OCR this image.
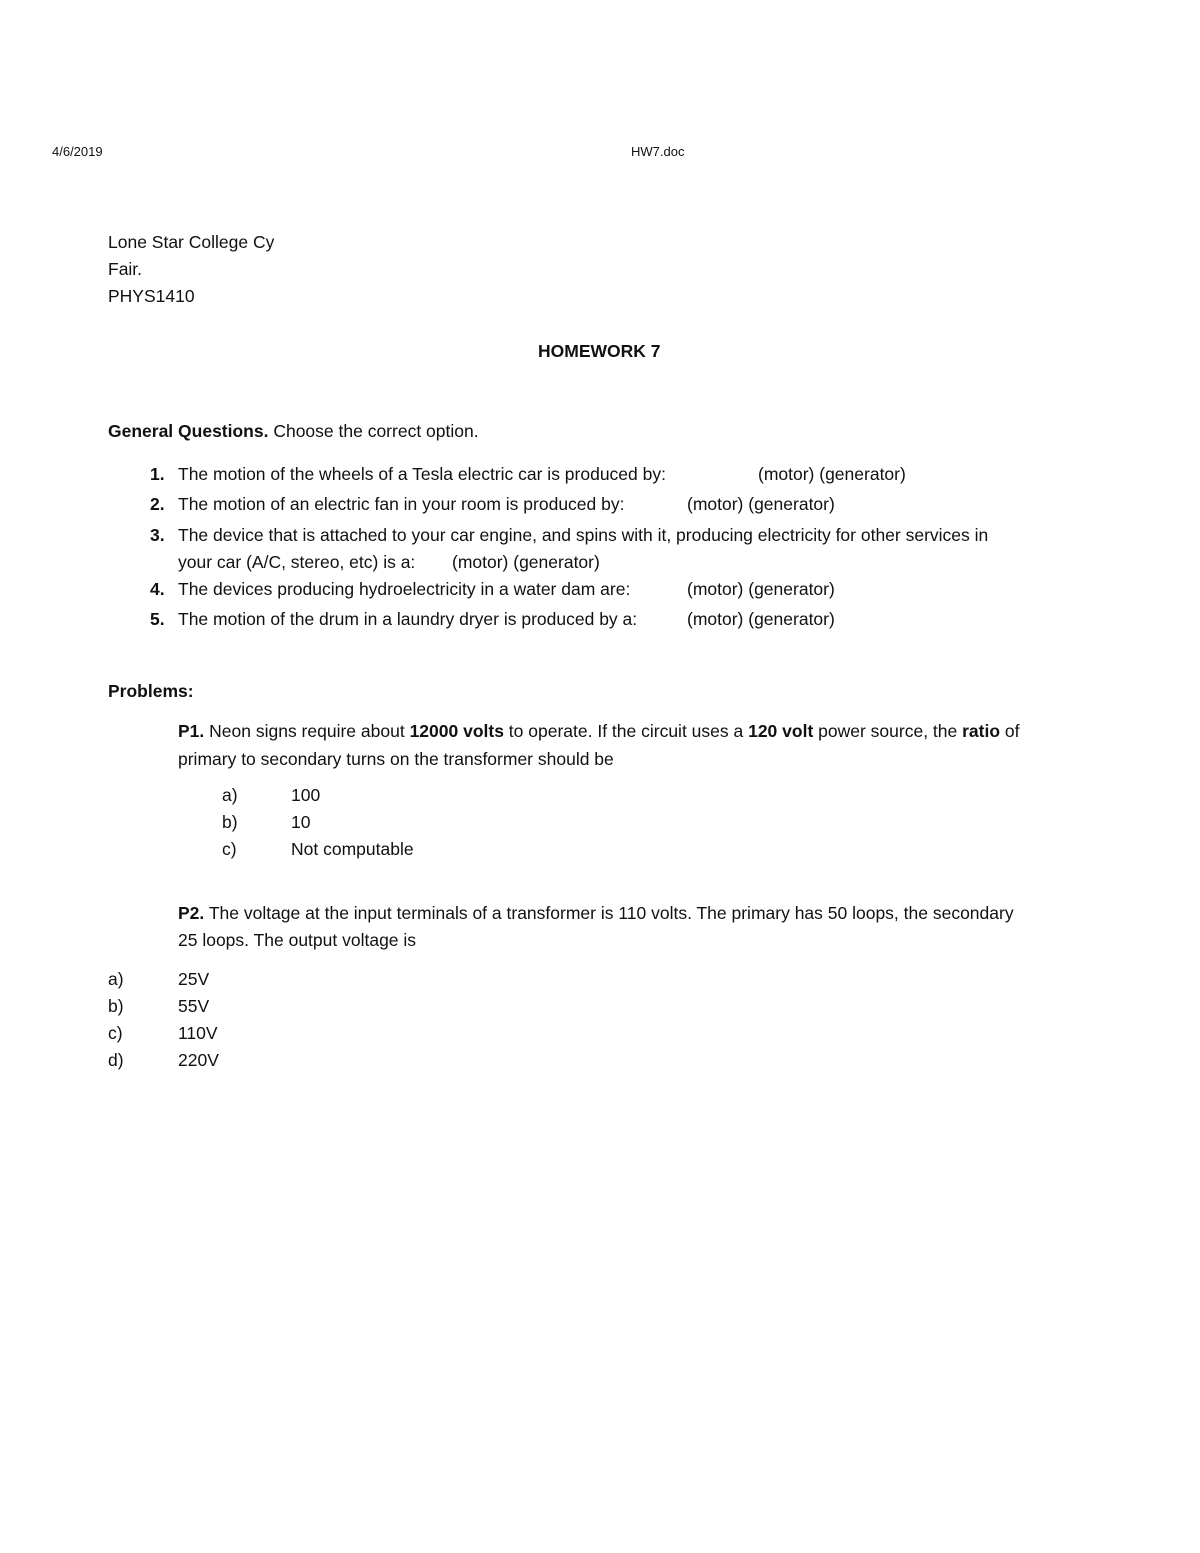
4/6/2019	HW7.doc
Lone Star College Cy
Fair.
PHYS1410
HOMEWORK 7
General Questions. Choose the correct option.
1. The motion of the wheels of a Tesla electric car is produced by:	(motor) (generator)
2. The motion of an electric fan in your room is produced by:	(motor) (generator)
3. The device that is attached to your car engine, and spins with it, producing electricity for other services in
your car (A/C, stereo, etc) is a: (motor) (generator)
4. The devices producing hydroelectricity in a water dam are:	(motor) (generator)
5. The motion of the drum in a laundry dryer is produced by a:	(motor) (generator)
Problems:
P1. Neon signs require about 12000 volts to operate. If the circuit uses a 120 volt power source, the ratio of
primary to secondary turns on the transformer should be
a)	100
b)	10
c)	Not computable
P2. The voltage at the input terminals of a transformer is 110 volts. The primary has 50 loops, the secondary
25 loops. The output voltage is
a)	25V
b)	55V
c)	110V
d)	220V
